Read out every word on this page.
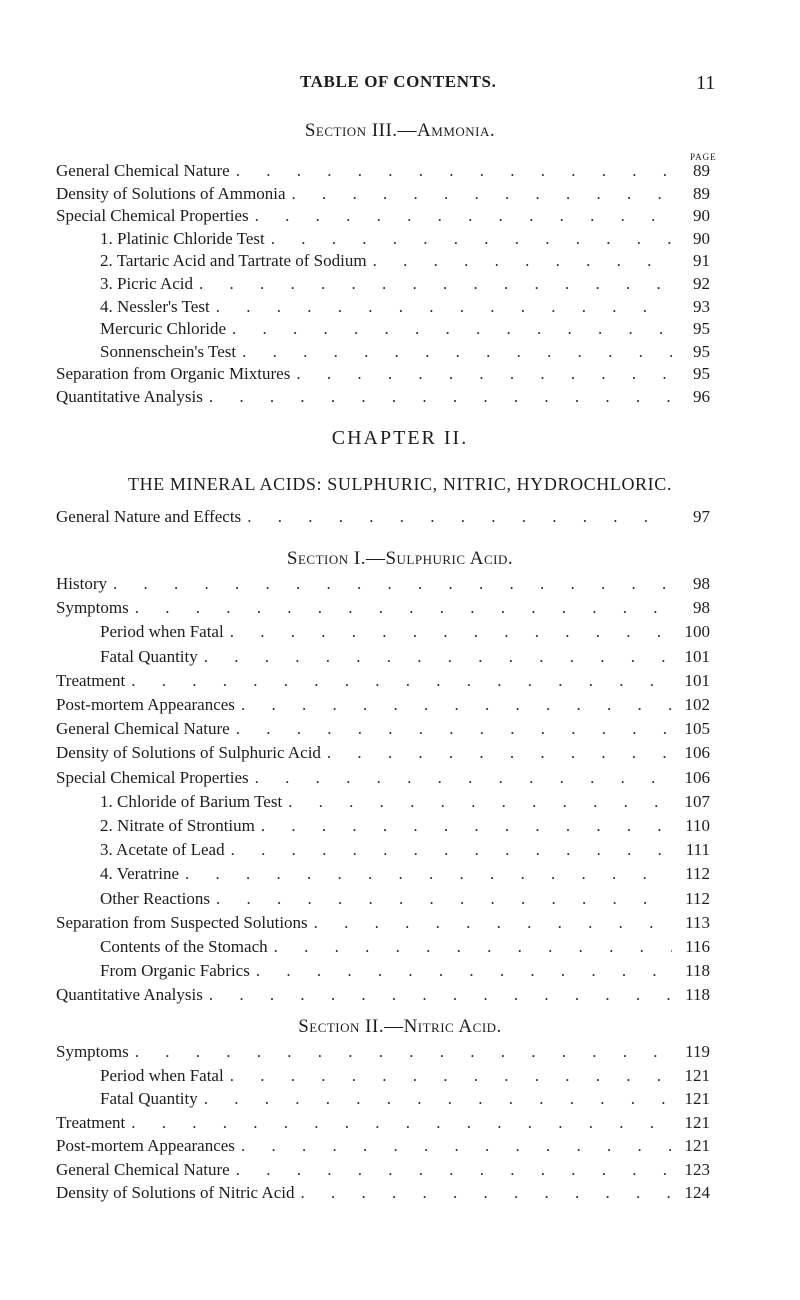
TABLE OF CONTENTS.	11
Section III.—Ammonia.
PAGE
General Chemical Nature . . .	89
Density of Solutions of Ammonia . . .	89
Special Chemical Properties . . .	90
1. Platinic Chloride Test . . .	90
2. Tartaric Acid and Tartrate of Sodium . . .	91
3. Picric Acid . . .	92
4. Nessler's Test . . .	93
Mercuric Chloride . . .	95
Sonnenschein's Test . . .	95
Separation from Organic Mixtures . . .	95
Quantitative Analysis . . .	96
CHAPTER II.
THE MINERAL ACIDS: SULPHURIC, NITRIC, HYDROCHLORIC.
General Nature and Effects . . .	97
Section I.—Sulphuric Acid.
History . . .	98
Symptoms . . .	98
Period when Fatal . . .	100
Fatal Quantity . . .	101
Treatment . . .	101
Post-mortem Appearances . . .	102
General Chemical Nature . . .	105
Density of Solutions of Sulphuric Acid . . .	106
Special Chemical Properties . . .	106
1. Chloride of Barium Test . . .	107
2. Nitrate of Strontium . . .	110
3. Acetate of Lead . . .	111
4. Veratrine . . .	112
Other Reactions . . .	112
Separation from Suspected Solutions . . .	113
Contents of the Stomach . . .	116
From Organic Fabrics . . .	118
Quantitative Analysis . . .	118
Section II.—Nitric Acid.
Symptoms . . .	119
Period when Fatal . . .	121
Fatal Quantity . . .	121
Treatment . . .	121
Post-mortem Appearances . . .	121
General Chemical Nature . . .	123
Density of Solutions of Nitric Acid . . .	124
